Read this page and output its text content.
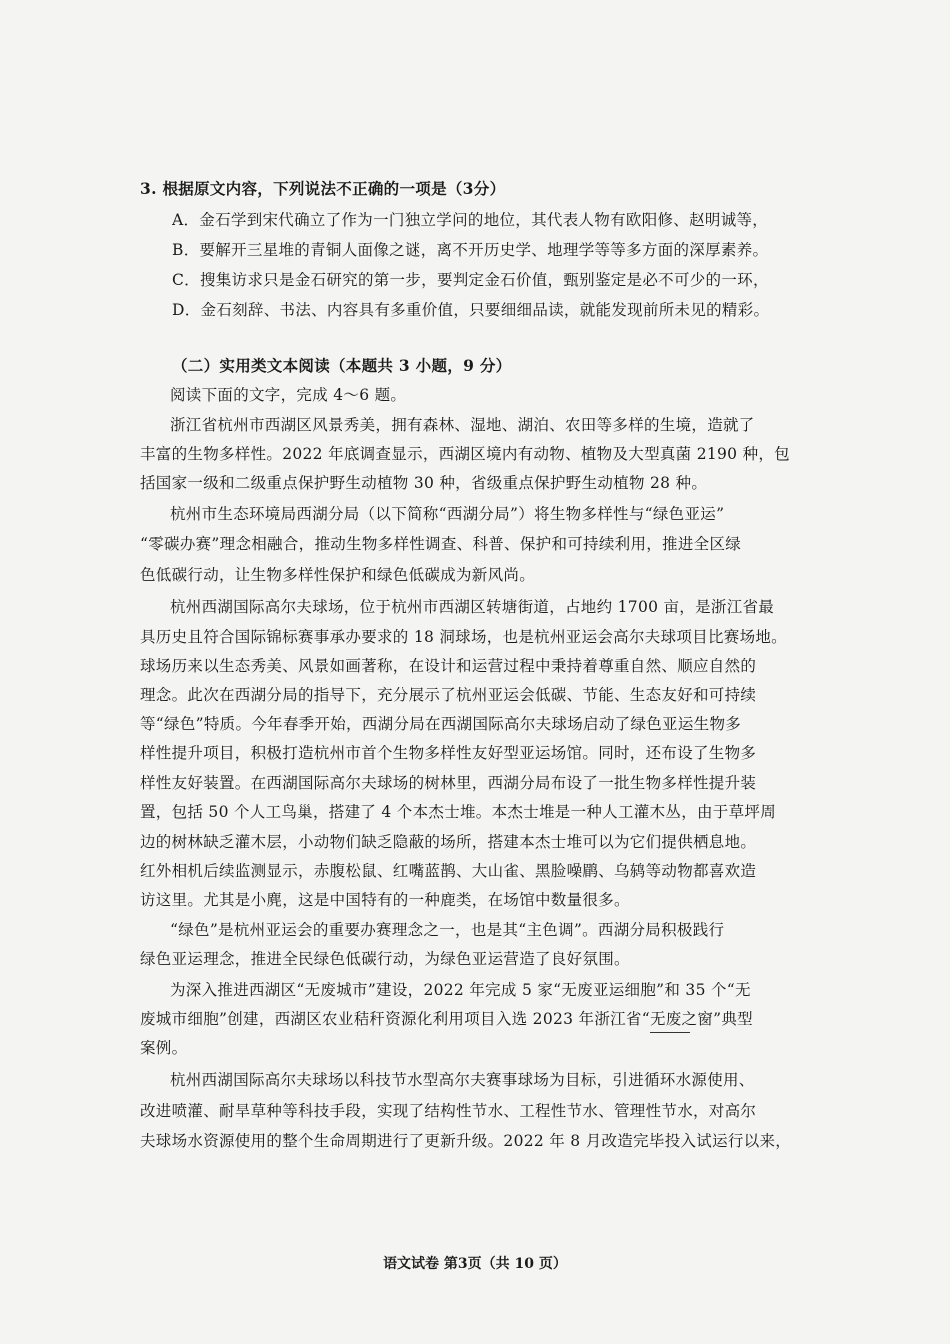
3. 根据原文内容，下列说法不正确的一项是（3分）
A．金石学到宋代确立了作为一门独立学问的地位，其代表人物有欧阳修、赵明诚等，
B．要解开三星堆的青铜人面像之谜，离不开历史学、地理学等等多方面的深厚素养。
C．搜集访求只是金石研究的第一步，要判定金石价值，甄别鉴定是必不可少的一环，
D．金石刻辞、书法、内容具有多重价值，只要细细品读，就能发现前所未见的精彩。
（二）实用类文本阅读（本题共 3 小题，9 分）
阅读下面的文字，完成 4～6 题。
浙江省杭州市西湖区风景秀美，拥有森林、湿地、湖泊、农田等多样的生境，造就了
丰富的生物多样性。2022 年底调查显示，西湖区境内有动物、植物及大型真菌 2190 种，包
括国家一级和二级重点保护野生动植物 30 种，省级重点保护野生动植物 28 种。
杭州市生态环境局西湖分局（以下简称“西湖分局”）将生物多样性与“绿色亚运”
“零碳办赛”理念相融合，推动生物多样性调查、科普、保护和可持续利用，推进全区绿
色低碳行动，让生物多样性保护和绿色低碳成为新风尚。
杭州西湖国际高尔夫球场，位于杭州市西湖区转塘街道，占地约 1700 亩，是浙江省最
具历史且符合国际锦标赛事承办要求的 18 洞球场，也是杭州亚运会高尔夫球项目比赛场地。
球场历来以生态秀美、风景如画著称，在设计和运营过程中秉持着尊重自然、顺应自然的
理念。此次在西湖分局的指导下，充分展示了杭州亚运会低碳、节能、生态友好和可持续
等“绿色”特质。今年春季开始，西湖分局在西湖国际高尔夫球场启动了绿色亚运生物多
样性提升项目，积极打造杭州市首个生物多样性友好型亚运场馆。同时，还布设了生物多
样性友好装置。在西湖国际高尔夫球场的树林里，西湖分局布设了一批生物多样性提升装
置，包括 50 个人工鸟巢，搭建了 4 个本杰士堆。本杰士堆是一种人工灌木丛，由于草坪周
边的树林缺乏灌木层，小动物们缺乏隐蔽的场所，搭建本杰士堆可以为它们提供栖息地。
红外相机后续监测显示，赤腹松鼠、红嘴蓝鹊、大山雀、黑脸噪鹛、乌鸫等动物都喜欢造
访这里。尤其是小麂，这是中国特有的一种鹿类，在场馆中数量很多。
“绿色”是杭州亚运会的重要办赛理念之一，也是其“主色调”。西湖分局积极践行
绿色亚运理念，推进全民绿色低碳行动，为绿色亚运营造了良好氛围。
为深入推进西湖区“无废城市”建设，2022 年完成 5 家“无废亚运细胞”和 35 个“无
废城市细胞”创建，西湖区农业秸秆资源化利用项目入选 2023 年浙江省“无废之窗”典型
案例。
杭州西湖国际高尔夫球场以科技节水型高尔夫赛事球场为目标，引进循环水源使用、
改进喷灌、耐旱草种等科技手段，实现了结构性节水、工程性节水、管理性节水，对高尔
夫球场水资源使用的整个生命周期进行了更新升级。2022 年 8 月改造完毕投入试运行以来，
语文试卷 第3页（共 10 页）
